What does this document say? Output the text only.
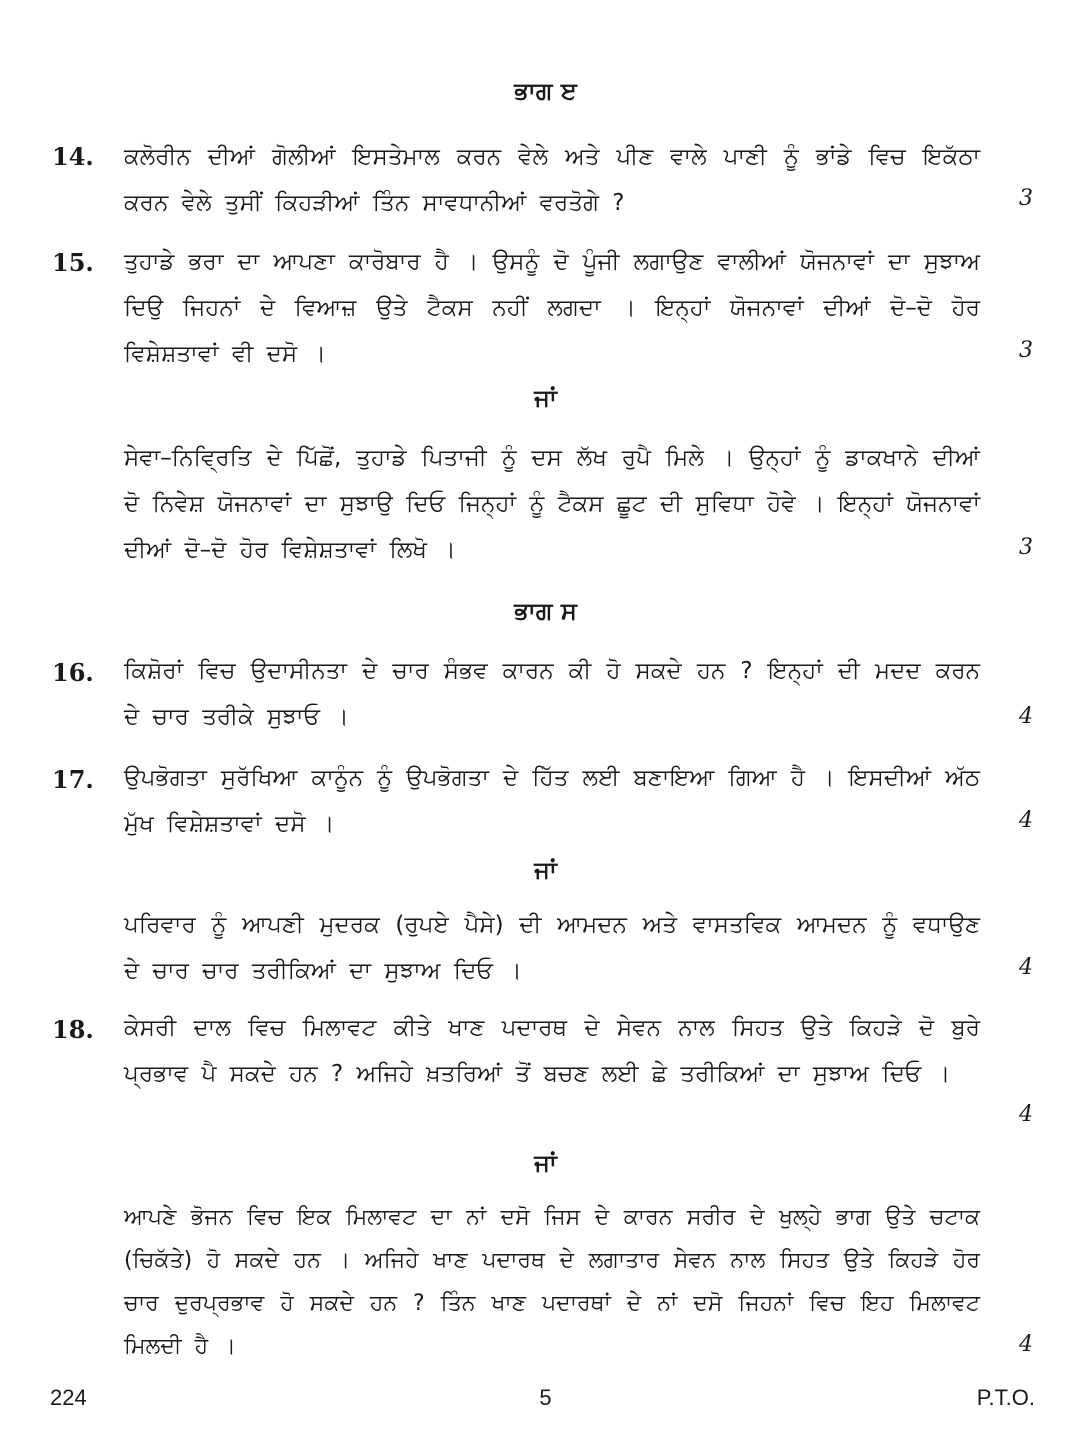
ਭਾਗ ੲ
14. ਕਲੋਰੀਨ ਦੀਆਂ ਗੋਲੀਆਂ ਇਸਤੇਮਾਲ ਕਰਨ ਵੇਲੇ ਅਤੇ ਪੀਣ ਵਾਲੇ ਪਾਣੀ ਨੂੰ ਭਾਂਡੇ ਵਿਚ ਇਕੱਠਾ ਕਰਨ ਵੇਲੇ ਤੁਸੀਂ ਕਿਹੜੀਆਂ ਤਿੰਨ ਸਾਵਧਾਨੀਆਂ ਵਰਤੋਗੇ ?	3
15. ਤੁਹਾਡੇ ਭਰਾ ਦਾ ਆਪਣਾ ਕਾਰੋਬਾਰ ਹੈ । ਉਸਨੂੰ ਦੋ ਪੂੰਜੀ ਲਗਾਉਣ ਵਾਲੀਆਂ ਯੋਜਨਾਵਾਂ ਦਾ ਸੁਝਾਅ ਦਿਉ ਜਿਹਨਾਂ ਦੇ ਵਿਆਜ਼ ਉਤੇ ਟੈਕਸ ਨਹੀਂ ਲਗਦਾ । ਇਨ੍ਹਾਂ ਯੋਜਨਾਵਾਂ ਦੀਆਂ ਦੋ–ਦੋ ਹੋਰ ਵਿਸ਼ੇਸ਼ਤਾਵਾਂ ਵੀ ਦਸੋ ।	3
ਜਾਂ
ਸੇਵਾ–ਨਿਵ੍ਰਿਤਿ ਦੇ ਪਿੱਛੋਂ, ਤੁਹਾਡੇ ਪਿਤਾਜੀ ਨੂੰ ਦਸ ਲੱਖ ਰੁਪੈ ਮਿਲੇ । ਉਨ੍ਹਾਂ ਨੂੰ ਡਾਕਖਾਨੇ ਦੀਆਂ ਦੋ ਨਿਵੇਸ਼ ਯੋਜਨਾਵਾਂ ਦਾ ਸੁਝਾਉ ਦਿਓ ਜਿਨ੍ਹਾਂ ਨੂੰ ਟੈਕਸ ਛੂਟ ਦੀ ਸੁਵਿਧਾ ਹੋਵੇ । ਇਨ੍ਹਾਂ ਯੋਜਨਾਵਾਂ ਦੀਆਂ ਦੋ–ਦੋ ਹੋਰ ਵਿਸ਼ੇਸ਼ਤਾਵਾਂ ਲਿਖੋ ।	3
ਭਾਗ ਸ
16. ਕਿਸ਼ੋਰਾਂ ਵਿਚ ਉਦਾਸੀਨਤਾ ਦੇ ਚਾਰ ਸੰਭਵ ਕਾਰਨ ਕੀ ਹੋ ਸਕਦੇ ਹਨ ? ਇਨ੍ਹਾਂ ਦੀ ਮਦਦ ਕਰਨ ਦੇ ਚਾਰ ਤਰੀਕੇ ਸੁਝਾਓ ।	4
17. ਉਪਭੋਗਤਾ ਸੁਰੱਖਿਆ ਕਾਨੂੰਨ ਨੂੰ ਉਪਭੋਗਤਾ ਦੇ ਹਿੱਤ ਲਈ ਬਣਾਇਆ ਗਿਆ ਹੈ । ਇਸਦੀਆਂ ਅੱਠ ਮੁੱਖ ਵਿਸ਼ੇਸ਼ਤਾਵਾਂ ਦਸੋ ।	4
ਜਾਂ
ਪਰਿਵਾਰ ਨੂੰ ਆਪਣੀ ਮੁਦਰਕ (ਰੁਪਏ ਪੈਸੇ) ਦੀ ਆਮਦਨ ਅਤੇ ਵਾਸਤਵਿਕ ਆਮਦਨ ਨੂੰ ਵਧਾਉਣ ਦੇ ਚਾਰ ਚਾਰ ਤਰੀਕਿਆਂ ਦਾ ਸੁਝਾਅ ਦਿਓ ।	4
18. ਕੇਸਰੀ ਦਾਲ ਵਿਚ ਮਿਲਾਵਟ ਕੀਤੇ ਖਾਣ ਪਦਾਰਥ ਦੇ ਸੇਵਨ ਨਾਲ ਸਿਹਤ ਉਤੇ ਕਿਹੜੇ ਦੋ ਬੁਰੇ ਪ੍ਰਭਾਵ ਪੈ ਸਕਦੇ ਹਨ ? ਅਜਿਹੇ ਖ਼ਤਰਿਆਂ ਤੋਂ ਬਚਣ ਲਈ ਛੇ ਤਰੀਕਿਆਂ ਦਾ ਸੁਝਾਅ ਦਿਓ ।
4
ਜਾਂ
ਆਪਣੇ ਭੋਜਨ ਵਿਚ ਇਕ ਮਿਲਾਵਟ ਦਾ ਨਾਂ ਦਸੋ ਜਿਸ ਦੇ ਕਾਰਨ ਸਰੀਰ ਦੇ ਖੁਲ੍ਹੇ ਭਾਗ ਉਤੇ ਚਟਾਕ (ਚਿਕੱਤੇ) ਹੋ ਸਕਦੇ ਹਨ । ਅਜਿਹੇ ਖਾਣ ਪਦਾਰਥ ਦੇ ਲਗਾਤਾਰ ਸੇਵਨ ਨਾਲ ਸਿਹਤ ਉਤੇ ਕਿਹੜੇ ਹੋਰ ਚਾਰ ਦੁਰਪ੍ਰਭਾਵ ਹੋ ਸਕਦੇ ਹਨ ? ਤਿੰਨ ਖਾਣ ਪਦਾਰਥਾਂ ਦੇ ਨਾਂ ਦਸੋ ਜਿਹਨਾਂ ਵਿਚ ਇਹ ਮਿਲਾਵਟ ਮਿਲਦੀ ਹੈ ।	4
224	5	P.T.O.
